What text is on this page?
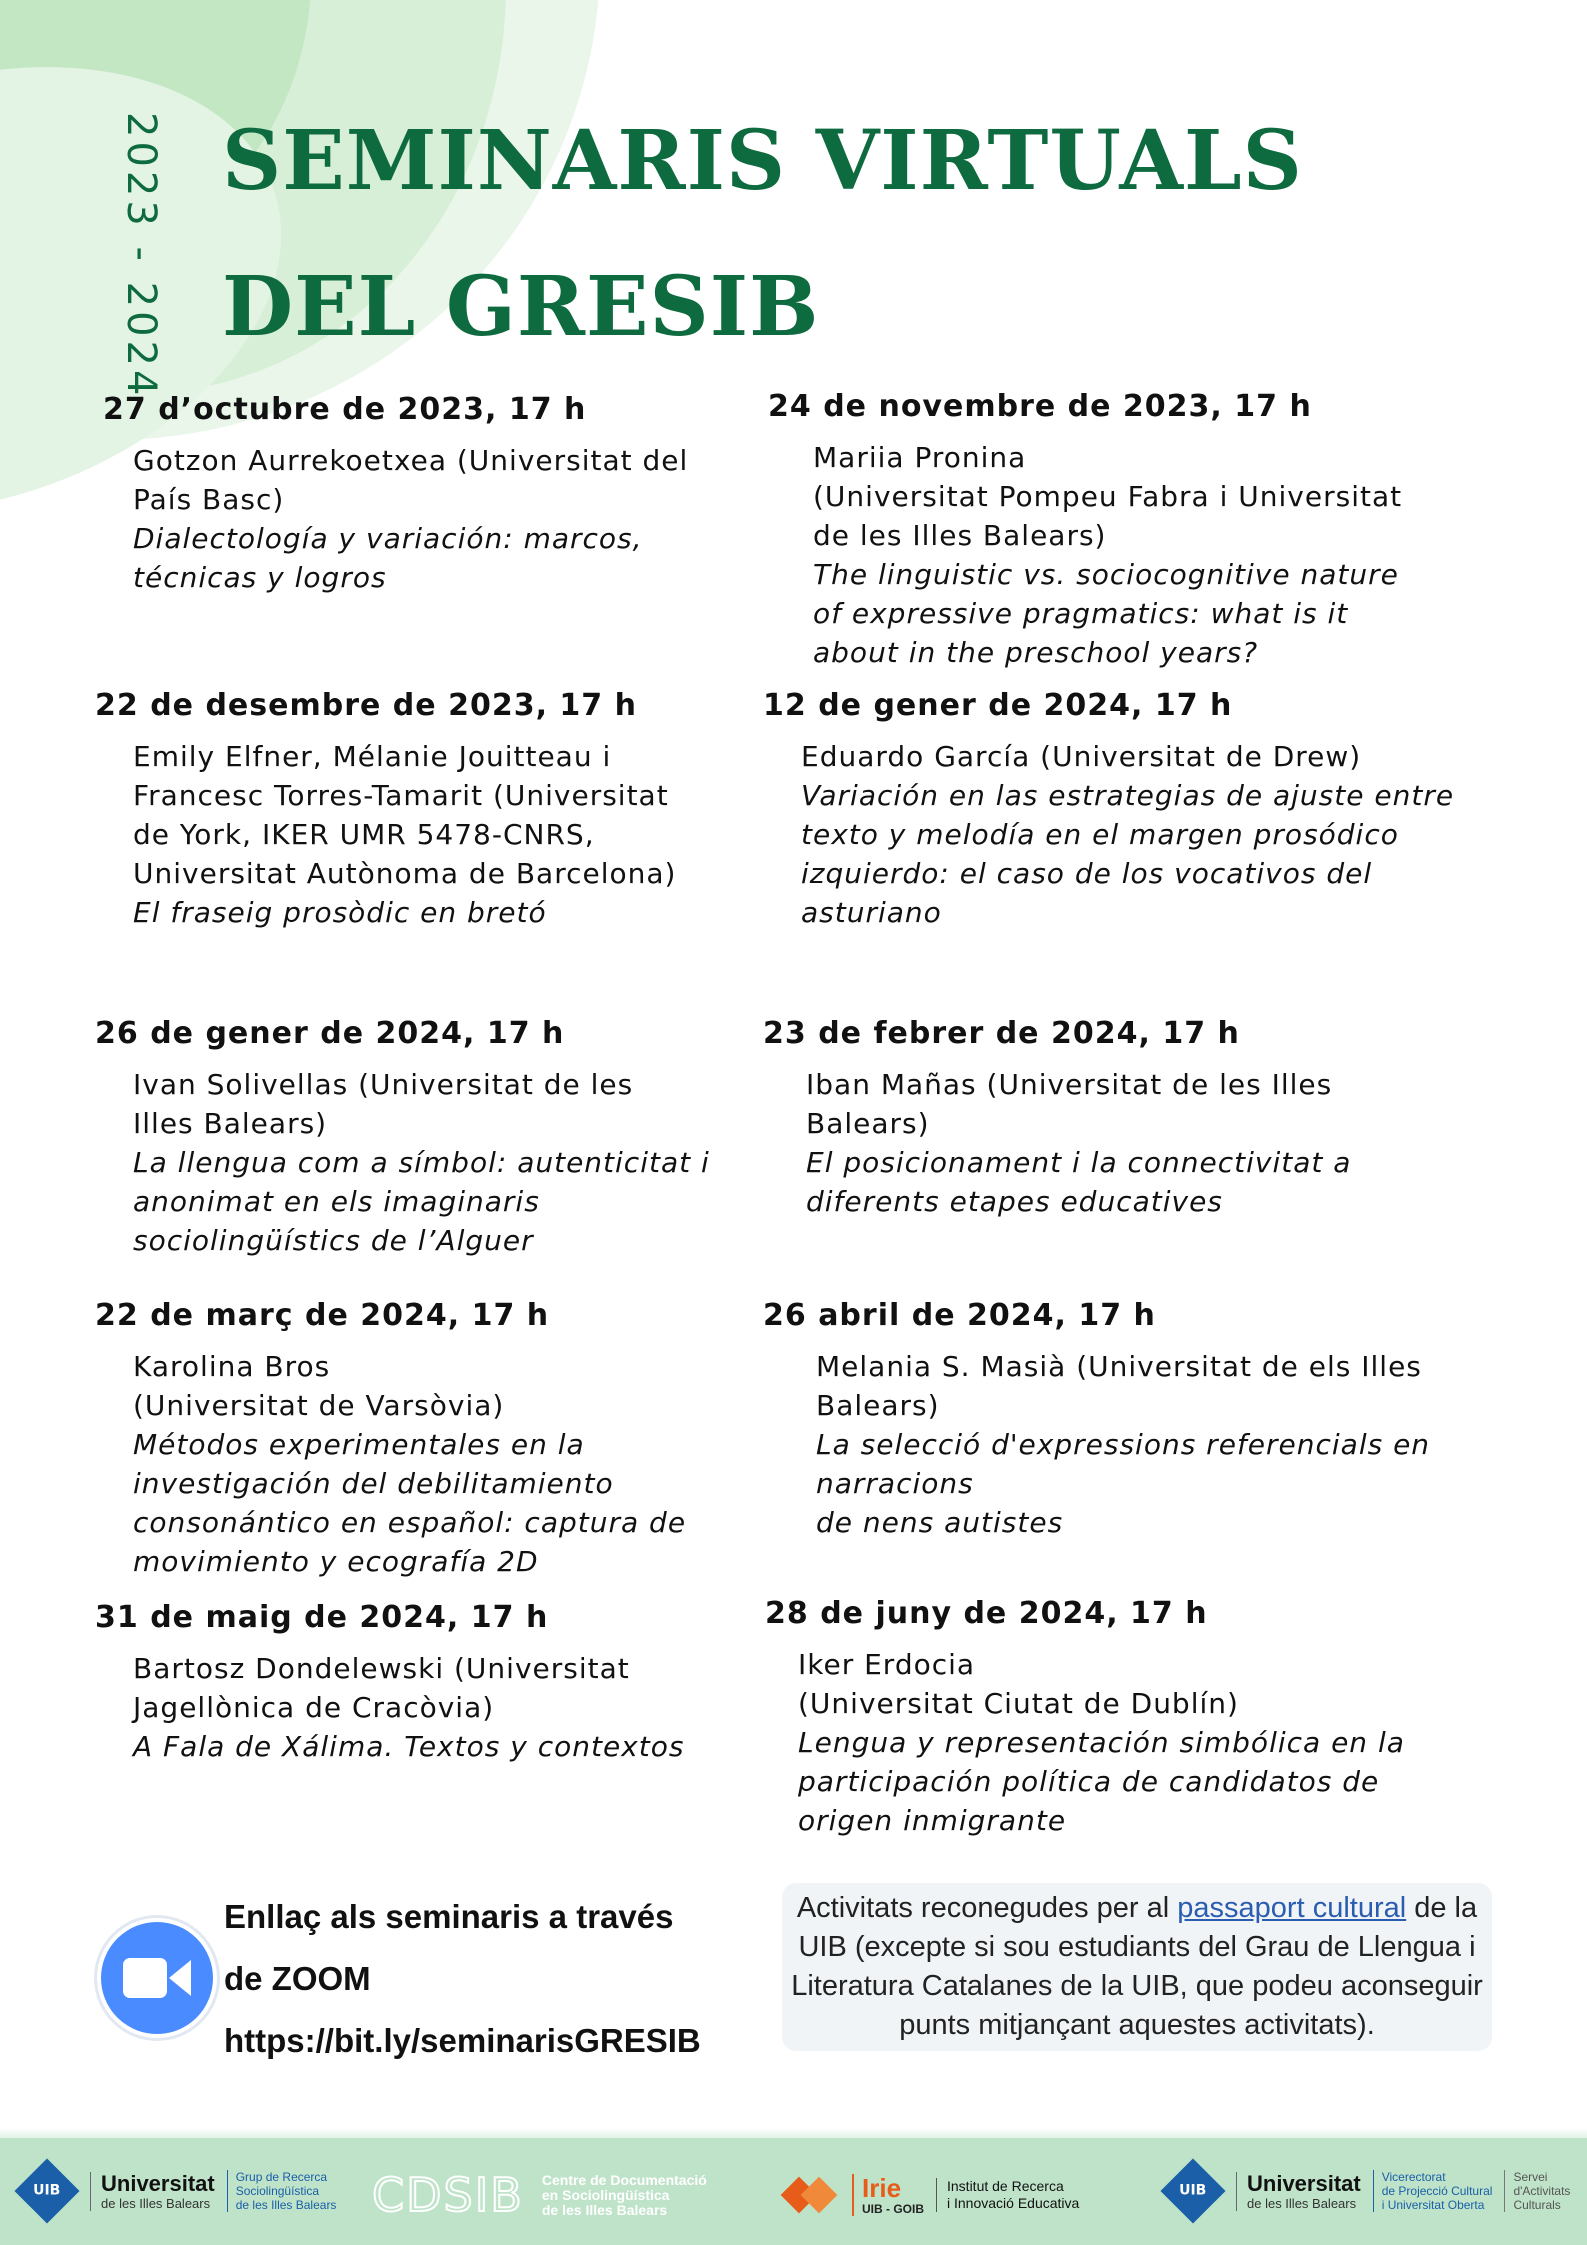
2023 - 2024 SEMINARIS VIRTUALS
DEL GRESIB
27 d’octubre de 2023, 17 h
Gotzon Aurrekoetxea (Universitat del
País Basc)
Dialectología y variación: marcos,
técnicas y logros
24 de novembre de 2023, 17 h
Mariia Pronina
(Universitat Pompeu Fabra i Universitat
de les Illes Balears)
The linguistic vs. sociocognitive nature
of expressive pragmatics: what is it
about in the preschool years?
22 de desembre de 2023, 17 h
Emily Elfner, Mélanie Jouitteau i
Francesc Torres-Tamarit (Universitat
de York, IKER UMR 5478-CNRS,
Universitat Autònoma de Barcelona)
El fraseig prosòdic en bretó
12 de gener de 2024, 17 h
Eduardo García (Universitat de Drew)
Variación en las estrategias de ajuste entre
texto y melodía en el margen prosódico
izquierdo: el caso de los vocativos del
asturiano
26 de gener de 2024, 17 h
Ivan Solivellas (Universitat de les
Illes Balears)
La llengua com a símbol: autenticitat i
anonimat en els imaginaris
sociolingüístics de l’Alguer
23 de febrer de 2024, 17 h
Iban Mañas (Universitat de les Illes
Balears)
El posicionament i la connectivitat a
diferents etapes educatives
22 de març de 2024, 17 h
Karolina Bros
(Universitat de Varsòvia)
Métodos experimentales en la
investigación del debilitamiento
consonántico en español: captura de
movimiento y ecografía 2D
26 abril de 2024, 17 h
Melania S. Masià (Universitat de els Illes
Balears)
La selecció d'expressions referencials en narracions
de nens autistes
31 de maig de 2024, 17 h
Bartosz Dondelewski (Universitat
Jagellònica de Cracòvia)
A Fala de Xálima. Textos y contextos
28 de juny de 2024, 17 h
Iker Erdocia
(Universitat Ciutat de Dublín)
Lengua y representación simbólica en la
participación política de candidatos de
origen inmigrante
Enllaç als seminaris a través
de ZOOM
https://bit.ly/seminarisGRESIB
Activitats reconegudes per al passaport cultural de la UIB (excepte si sou estudiants del Grau de Llengua i Literatura Catalanes de la UIB, que podeu aconseguir punts mitjançant aquestes activitats).
UIB Universitat
de les Illes Balears
Grup de Recerca
Sociolingüística
de les Illes Balears CDSIB Centre de Documentació
en Sociolingüística
de les Illes Balears
Irie
UIB - GOIB
Institut de Recerca
i Innovació Educativa
UIB Universitat
de les Illes Balears
Vicerectorat
de Projecció Cultural
i Universitat Oberta
Servei
d'Activitats
Culturals
